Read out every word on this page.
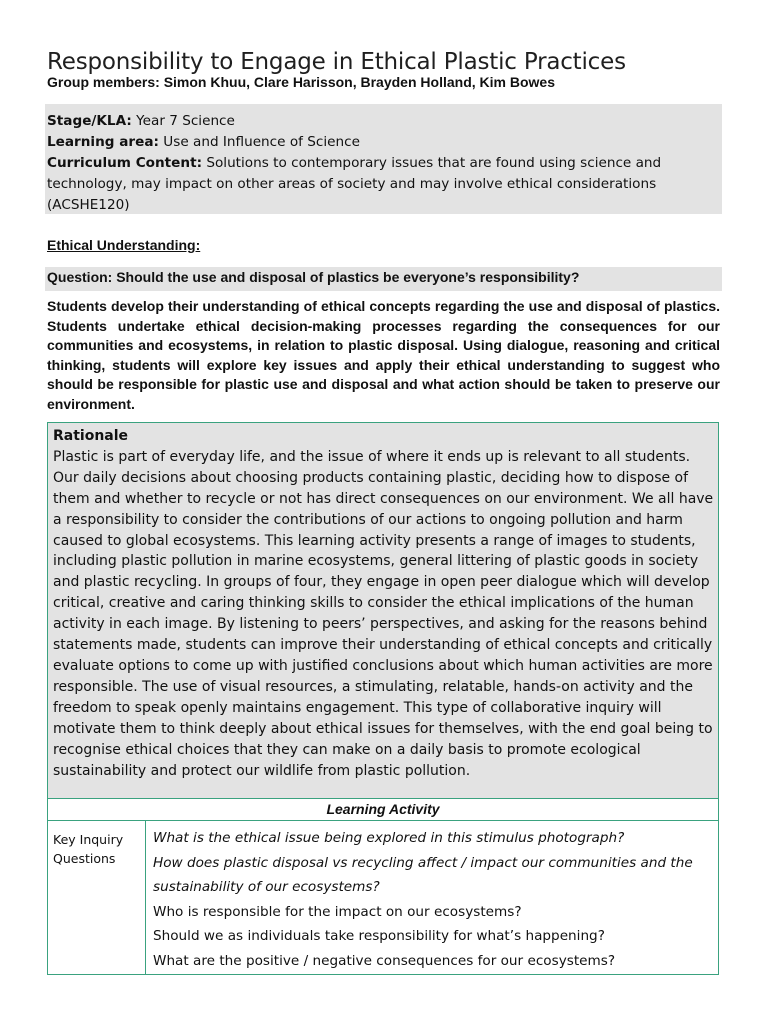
Responsibility to Engage in Ethical Plastic Practices
Group members: Simon Khuu, Clare Harisson, Brayden Holland, Kim Bowes
Stage/KLA: Year 7 Science
Learning area: Use and Influence of Science
Curriculum Content: Solutions to contemporary issues that are found using science and technology, may impact on other areas of society and may involve ethical considerations (ACSHE120)
Ethical Understanding:
Question: Should the use and disposal of plastics be everyone’s responsibility?

Students develop their understanding of ethical concepts regarding the use and disposal of plastics. Students undertake ethical decision-making processes regarding the consequences for our communities and ecosystems, in relation to plastic disposal. Using dialogue, reasoning and critical thinking, students will explore key issues and apply their ethical understanding to suggest who should be responsible for plastic use and disposal and what action should be taken to preserve our environment.

Rationale
Plastic is part of everyday life, and the issue of where it ends up is relevant to all students. Our daily decisions about choosing products containing plastic, deciding how to dispose of them and whether to recycle or not has direct consequences on our environment. We all have a responsibility to consider the contributions of our actions to ongoing pollution and harm caused to global ecosystems. This learning activity presents a range of images to students, including plastic pollution in marine ecosystems, general littering of plastic goods in society and plastic recycling. In groups of four, they engage in open peer dialogue which will develop critical, creative and caring thinking skills to consider the ethical implications of the human activity in each image. By listening to peers’ perspectives, and asking for the reasons behind statements made, students can improve their understanding of ethical concepts and critically evaluate options to come up with justified conclusions about which human activities are more responsible. The use of visual resources, a stimulating, relatable, hands-on activity and the freedom to speak openly maintains engagement. This type of collaborative inquiry will motivate them to think deeply about ethical issues for themselves, with the end goal being to recognise ethical choices that they can make on a daily basis to promote ecological sustainability and protect our wildlife from plastic pollution.
Learning Activity
Key Inquiry Questions
What is the ethical issue being explored in this stimulus photograph?
How does plastic disposal vs recycling affect / impact our communities and the sustainability of our ecosystems?
Who is responsible for the impact on our ecosystems?
Should we as individuals take responsibility for what’s happening?
What are the positive / negative consequences for our ecosystems?
